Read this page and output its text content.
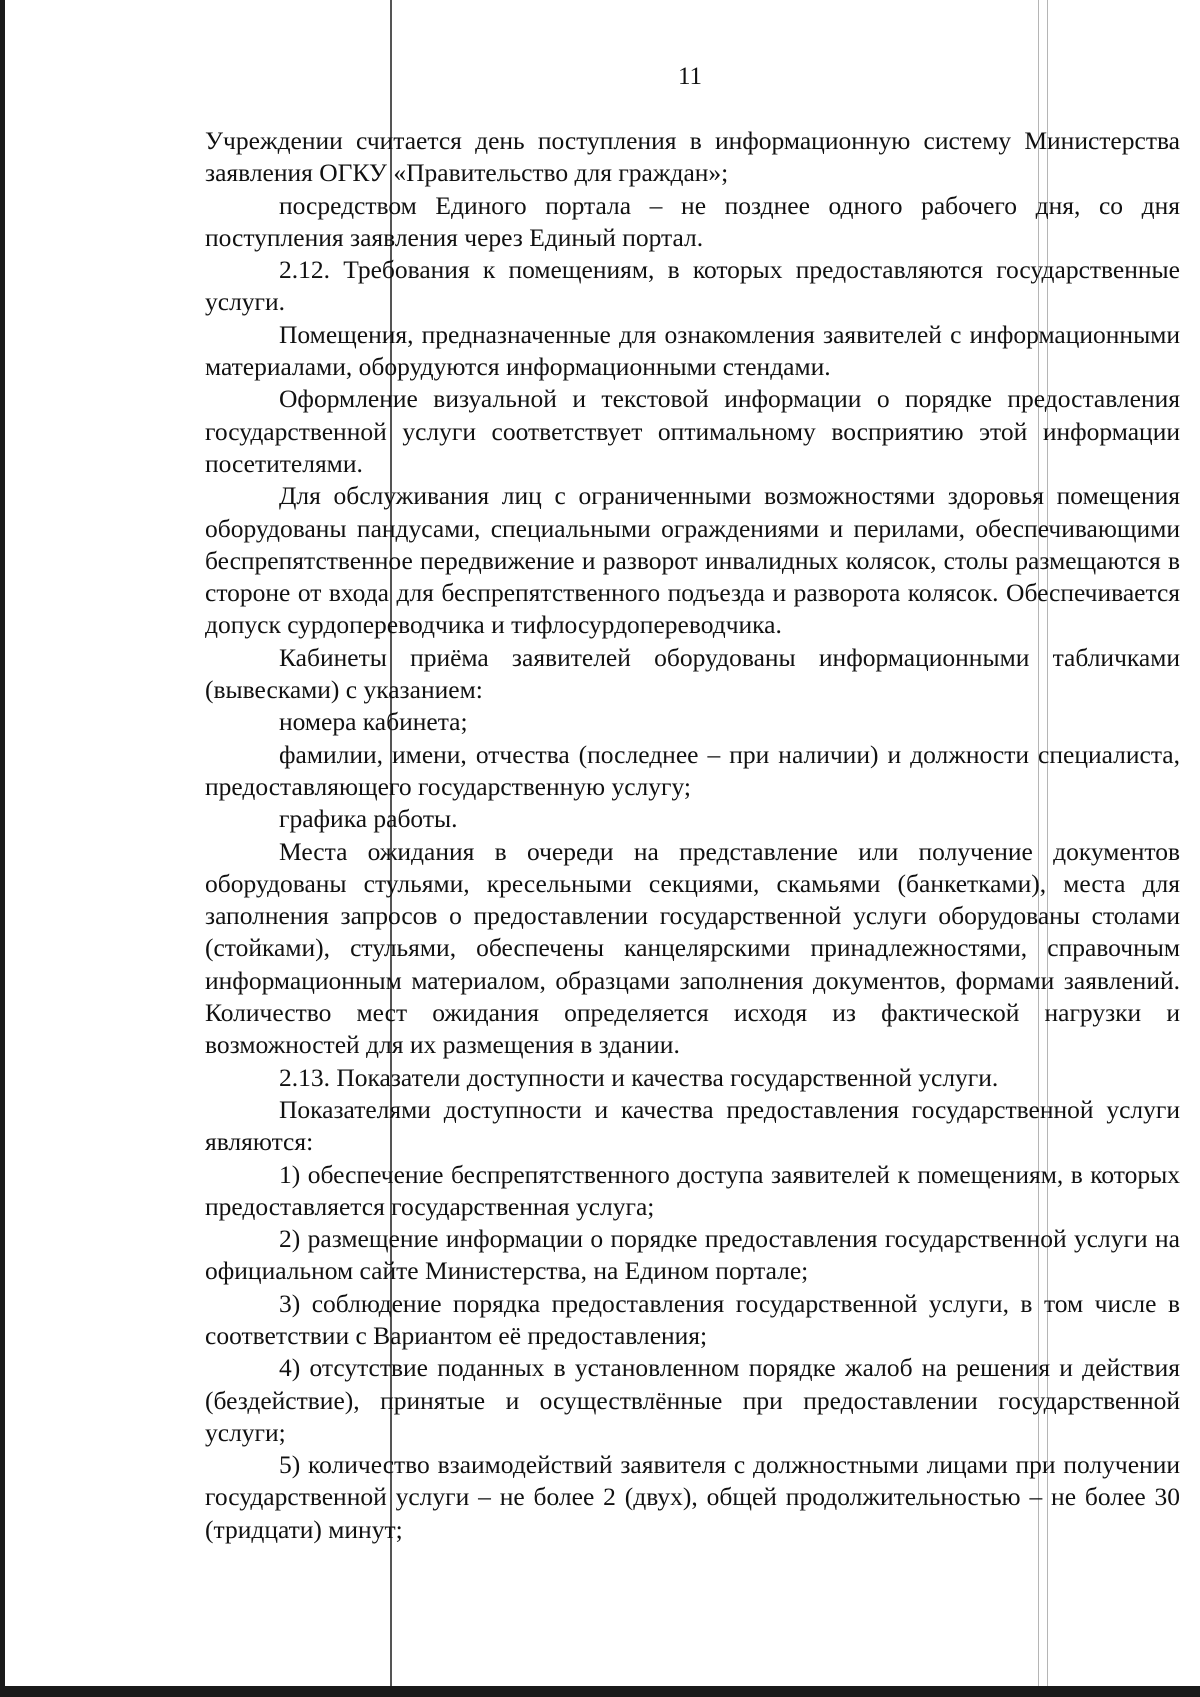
11

Учреждении считается день поступления в информационную систему Министерства заявления ОГКУ «Правительство для граждан»;

посредством Единого портала – не позднее одного рабочего дня, со дня поступления заявления через Единый портал.

2.12. Требования к помещениям, в которых предоставляются государственные услуги.

Помещения, предназначенные для ознакомления заявителей с информационными материалами, оборудуются информационными стендами.

Оформление визуальной и текстовой информации о порядке предоставления государственной услуги соответствует оптимальному восприятию этой информации посетителями.

Для обслуживания лиц с ограниченными возможностями здоровья помещения оборудованы пандусами, специальными ограждениями и перилами, обеспечивающими беспрепятственное передвижение и разворот инвалидных колясок, столы размещаются в стороне от входа для беспрепятственного подъезда и разворота колясок. Обеспечивается допуск сурдопереводчика и тифлосурдопереводчика.

Кабинеты приёма заявителей оборудованы информационными табличками (вывесками) с указанием:

номера кабинета;

фамилии, имени, отчества (последнее – при наличии) и должности специалиста, предоставляющего государственную услугу;

графика работы.

Места ожидания в очереди на представление или получение документов оборудованы стульями, кресельными секциями, скамьями (банкетками), места для заполнения запросов о предоставлении государственной услуги оборудованы столами (стойками), стульями, обеспечены канцелярскими принадлежностями, справочным информационным материалом, образцами заполнения документов, формами заявлений. Количество мест ожидания определяется исходя из фактической нагрузки и возможностей для их размещения в здании.

2.13. Показатели доступности и качества государственной услуги.

Показателями доступности и качества предоставления государственной услуги являются:

1) обеспечение беспрепятственного доступа заявителей к помещениям, в которых предоставляется государственная услуга;

2) размещение информации о порядке предоставления государственной услуги на официальном сайте Министерства, на Едином портале;

3) соблюдение порядка предоставления государственной услуги, в том числе в соответствии с Вариантом её предоставления;

4) отсутствие поданных в установленном порядке жалоб на решения и действия (бездействие), принятые и осуществлённые при предоставлении государственной услуги;

5) количество взаимодействий заявителя с должностными лицами при получении государственной услуги – не более 2 (двух), общей продолжительностью – не более 30 (тридцати) минут;
